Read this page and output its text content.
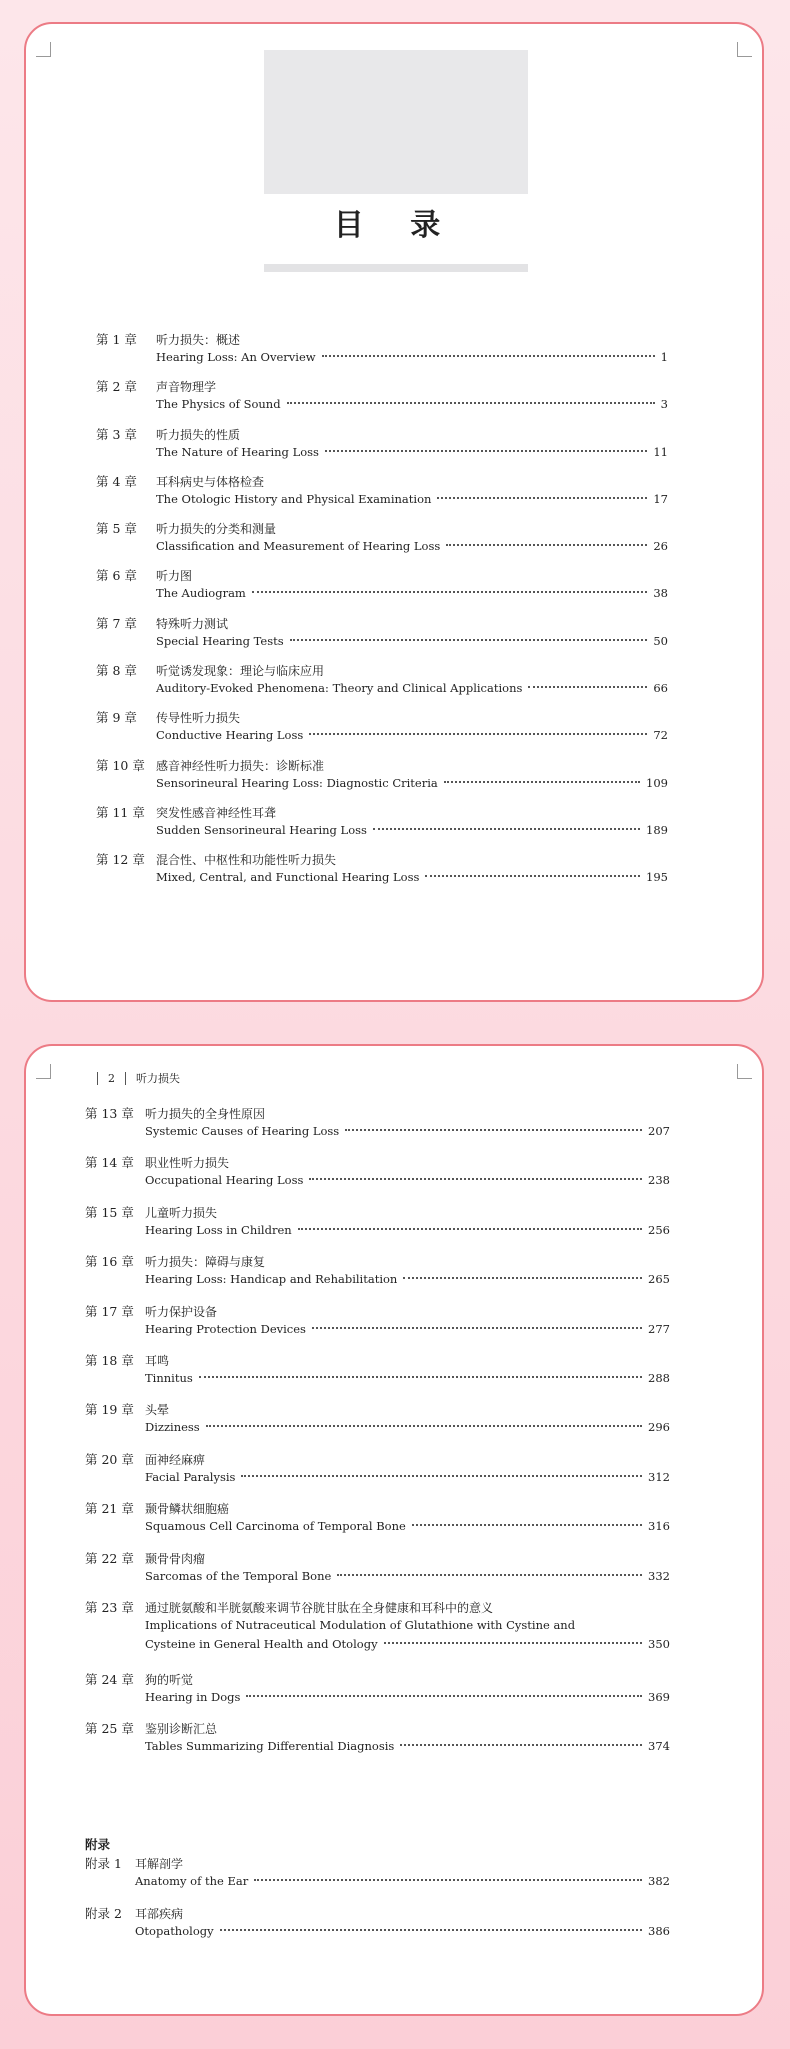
目 录
第 1 章	听力损失：概述
Hearing Loss: An Overview	1
第 2 章	声音物理学
The Physics of Sound	3
第 3 章	听力损失的性质
The Nature of Hearing Loss	11
第 4 章	耳科病史与体格检查
The Otologic History and Physical Examination	17
第 5 章	听力损失的分类和测量
Classification and Measurement of Hearing Loss	26
第 6 章	听力图
The Audiogram	38
第 7 章	特殊听力测试
Special Hearing Tests	50
第 8 章	听觉诱发现象：理论与临床应用
Auditory-Evoked Phenomena: Theory and Clinical Applications	66
第 9 章	传导性听力损失
Conductive Hearing Loss	72
第 10 章 感音神经性听力损失：诊断标准
Sensorineural Hearing Loss: Diagnostic Criteria	109
第 11 章 突发性感音神经性耳聋
Sudden Sensorineural Hearing Loss	189
第 12 章 混合性、中枢性和功能性听力损失
Mixed, Central, and Functional Hearing Loss	195
2 听力损失
第 13 章 听力损失的全身性原因
Systemic Causes of Hearing Loss	207
第 14 章 职业性听力损失
Occupational Hearing Loss	238
第 15 章 儿童听力损失
Hearing Loss in Children	256
第 16 章 听力损失：障碍与康复
Hearing Loss: Handicap and Rehabilitation	265
第 17 章 听力保护设备
Hearing Protection Devices	277
第 18 章 耳鸣
Tinnitus	288
第 19 章 头晕
Dizziness	296
第 20 章 面神经麻痹
Facial Paralysis	312
第 21 章 颞骨鳞状细胞癌
Squamous Cell Carcinoma of Temporal Bone	316
第 22 章 颞骨骨肉瘤
Sarcomas of the Temporal Bone	332
第 23 章 通过胱氨酸和半胱氨酸来调节谷胱甘肽在全身健康和耳科中的意义
Implications of Nutraceutical Modulation of Glutathione with Cystine and
Cysteine in General Health and Otology	350
第 24 章 狗的听觉
Hearing in Dogs	369
第 25 章 鉴别诊断汇总
Tables Summarizing Differential Diagnosis	374
附录
附录 1	耳解剖学
Anatomy of the Ear	382
附录 2	耳部疾病
Otopathology	386
